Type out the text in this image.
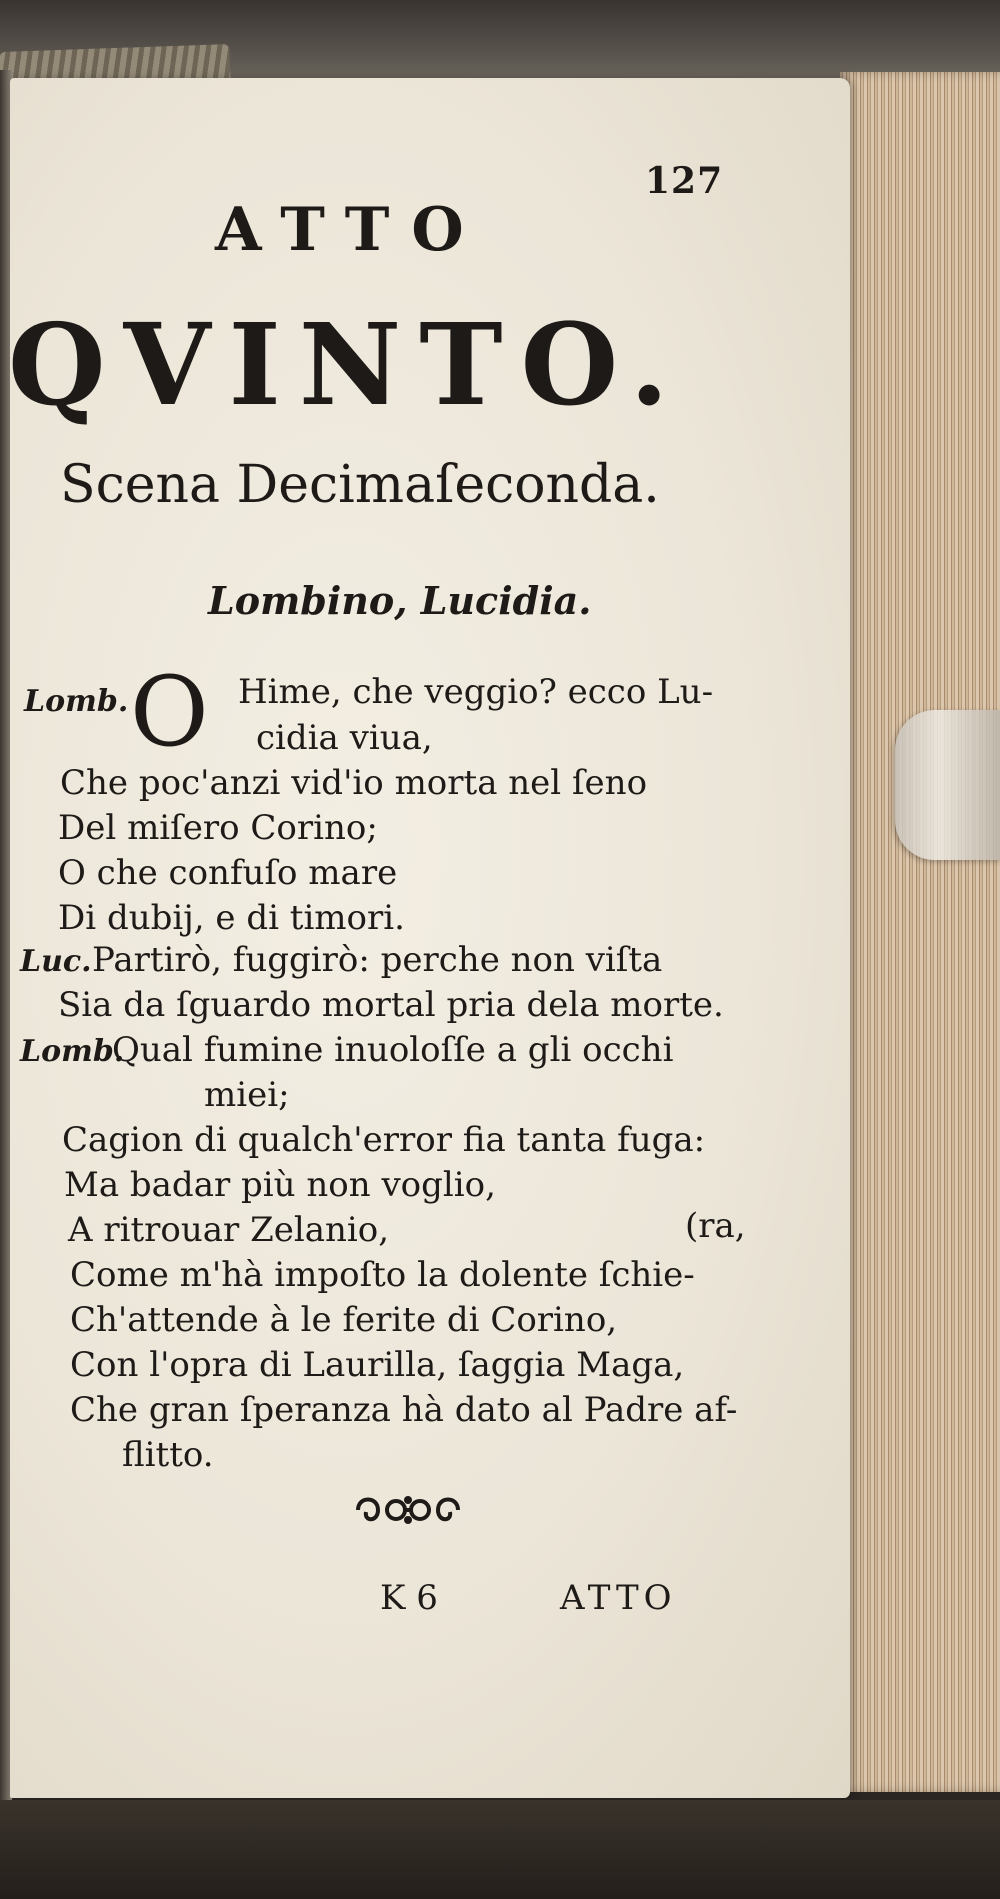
127
ATTO
QVINTO.
Scena Decimaſeconda.
Lombino, Lucidia.
Lomb.
Luc.
Lomb.
O Hime, che veggio? ecco Lu-
cidia viua,
Che poc'anzi vid'io morta nel ſeno
Del miſero Corino;
O che confuſo mare
Di dubij, e di timori.
Partirò, fuggirò: perche non viſta
Sia da ſguardo mortal pria dela morte.
Qual fumine inuoloſſe a gli occhi
miei;
Cagion di qualch'error fia tanta fuga:
Ma badar più non voglio,
A ritrouar Zelanio,	(ra,
Come m'hà impoſto la dolente ſchie-
Ch'attende à le ferite di Corino,
Con l'opra di Laurilla, ſaggia Maga,
Che gran ſperanza hà dato al Padre af-
flitto.
K 6	ATTO
